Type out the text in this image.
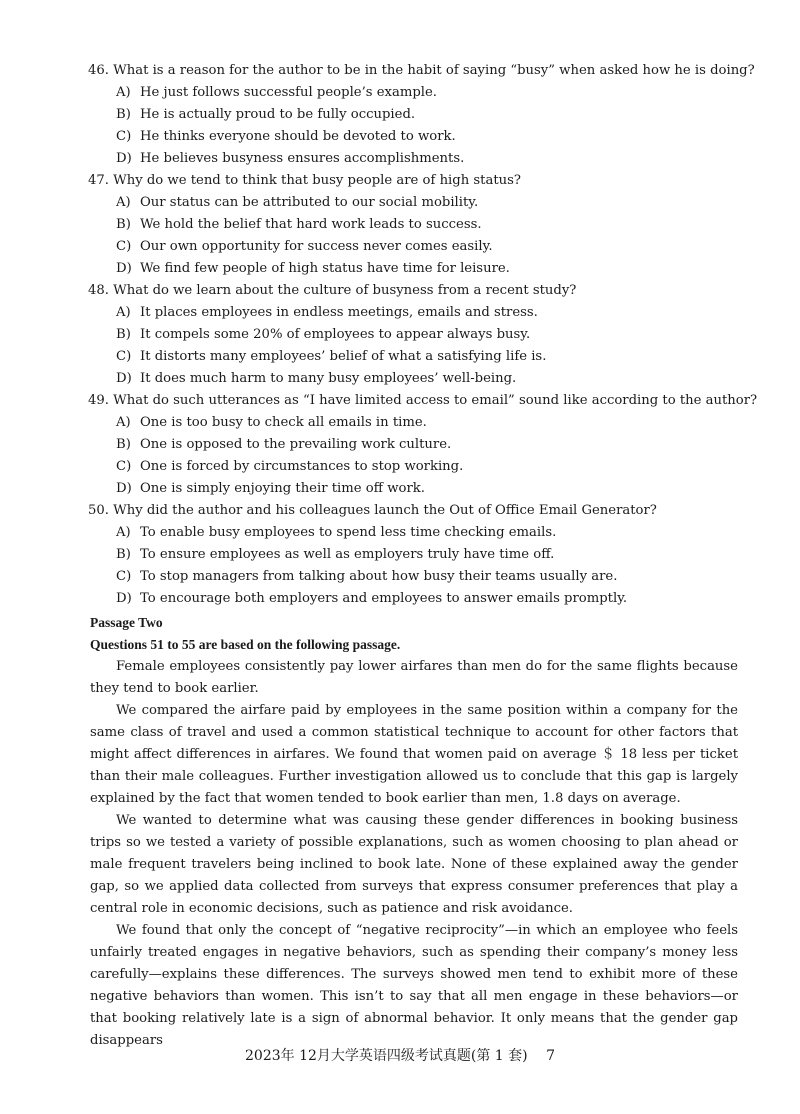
46. What is a reason for the author to be in the habit of saying “busy” when asked how he is doing?
A) He just follows successful people’s example.
B) He is actually proud to be fully occupied.
C) He thinks everyone should be devoted to work.
D) He believes busyness ensures accomplishments.
47. Why do we tend to think that busy people are of high status?
A) Our status can be attributed to our social mobility.
B) We hold the belief that hard work leads to success.
C) Our own opportunity for success never comes easily.
D) We find few people of high status have time for leisure.
48. What do we learn about the culture of busyness from a recent study?
A) It places employees in endless meetings, emails and stress.
B) It compels some 20% of employees to appear always busy.
C) It distorts many employees’ belief of what a satisfying life is.
D) It does much harm to many busy employees’ well-being.
49. What do such utterances as “I have limited access to email” sound like according to the author?
A) One is too busy to check all emails in time.
B) One is opposed to the prevailing work culture.
C) One is forced by circumstances to stop working.
D) One is simply enjoying their time off work.
50. Why did the author and his colleagues launch the Out of Office Email Generator?
A) To enable busy employees to spend less time checking emails.
B) To ensure employees as well as employers truly have time off.
C) To stop managers from talking about how busy their teams usually are.
D) To encourage both employers and employees to answer emails promptly.
Passage Two
Questions 51 to 55 are based on the following passage.

Female employees consistently pay lower airfares than men do for the same flights because they tend to book earlier.

We compared the airfare paid by employees in the same position within a company for the same class of travel and used a common statistical technique to account for other factors that might affect differences in airfares. We found that women paid on average ＄ 18 less per ticket than their male colleagues. Further investigation allowed us to conclude that this gap is largely explained by the fact that women tended to book earlier than men, 1.8 days on average.

We wanted to determine what was causing these gender differences in booking business trips so we tested a variety of possible explanations, such as women choosing to plan ahead or male frequent travelers being inclined to book late. None of these explained away the gender gap, so we applied data collected from surveys that express consumer preferences that play a central role in economic decisions, such as patience and risk avoidance.

We found that only the concept of “negative reciprocity”—in which an employee who feels unfairly treated engages in negative behaviors, such as spending their company’s money less carefully—explains these differences. The surveys showed men tend to exhibit more of these negative behaviors than women. This isn’t to say that all men engage in these behaviors—or that booking relatively late is a sign of abnormal behavior. It only means that the gender gap disappears

2023年 12月大学英语四级考试真题(第 1 套)　 7
